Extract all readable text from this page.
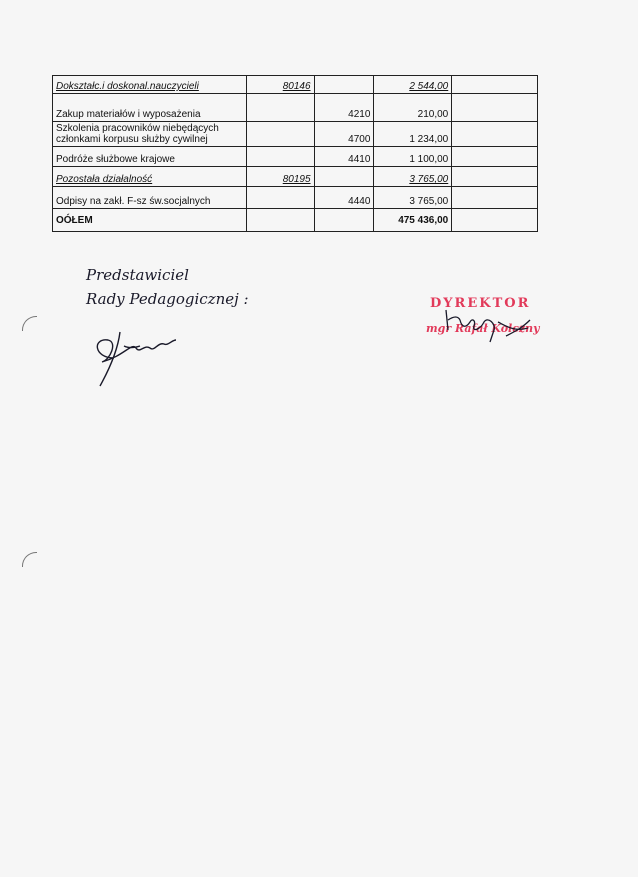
Dokształc.i doskonal.nauczycieli	80146		2 544,00	
Zakup materiałów i wyposażenia		4210	210,00	
Szkolenia pracowników niebędących członkami korpusu służby cywilnej		4700	1 234,00	
Podróże służbowe krajowe		4410	1 100,00	
Pozostała działalność	80195		3 765,00	
Odpisy na zakł. F-sz św.socjalnych		4440	3 765,00	
OÓŁEM			475 436,00	
Predstawiciel
Rady Pedagogicznej :	DYREKTOR
mgr Rafał Kolczny
